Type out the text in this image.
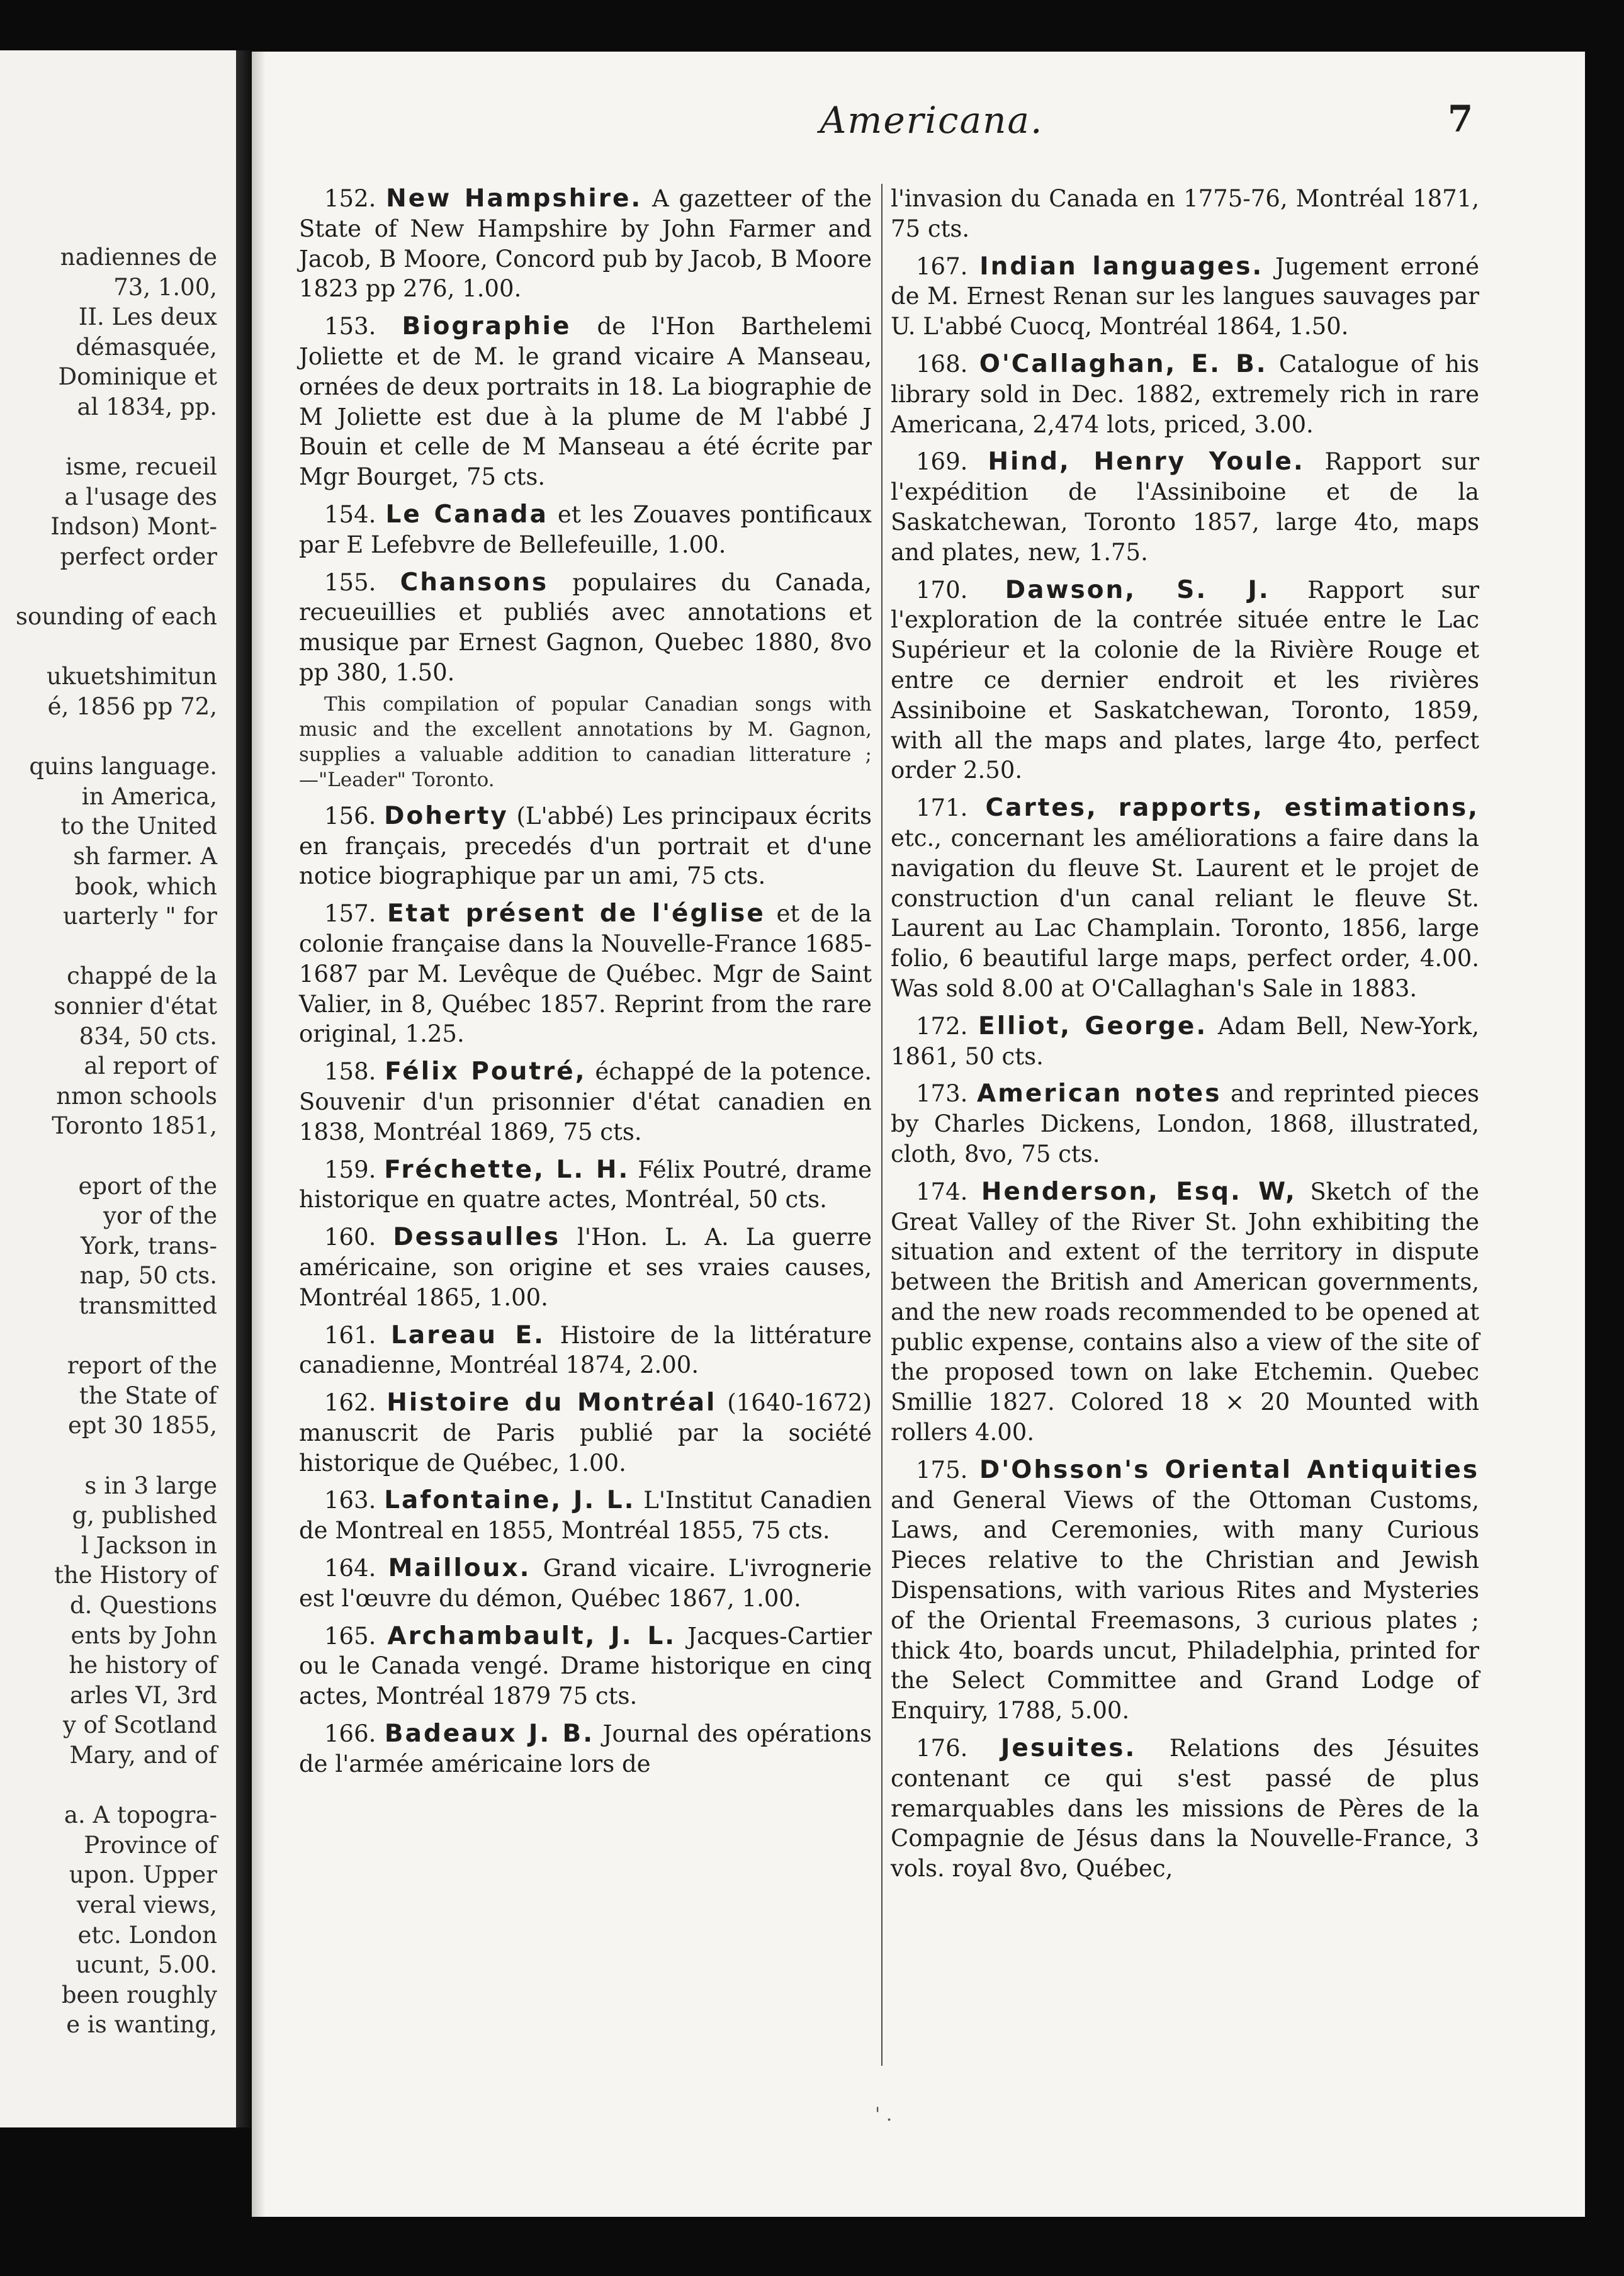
nadiennes de
73, 1.00,
II. Les deux
démasquée,
Dominique et
al 1834, pp.
isme, recueil
a l'usage des
Indson) Mont-
perfect order
sounding of each
ukuetshimitun
é, 1856 pp 72,
quins language.
in America,
to the United
sh farmer. A
book, which
uarterly " for
chappé de la
sonnier d'état
834, 50 cts.
al report of
nmon schools
Toronto 1851,
eport of the
yor of the
York, trans-
nap, 50 cts.
transmitted
report of the
the State of
ept 30 1855,
s in 3 large
g, published
l Jackson in
the History of
d. Questions
ents by John
he history of
arles VI, 3rd
y of Scotland
Mary, and of
a. A topogra-
Province of
upon. Upper
veral views,
etc. London
ucunt, 5.00.
been roughly
e is wanting,
Americana.	7

152. New Hampshire. A gazetteer of the State of New Hampshire by John Farmer and Jacob, B Moore, Concord pub by Jacob, B Moore 1823 pp 276, 1.00.

153. Biographie de l'Hon Barthelemi Joliette et de M. le grand vicaire A Manseau, ornées de deux portraits in 18. La biographie de M Joliette est due à la plume de M l'abbé J Bouin et celle de M Manseau a été écrite par Mgr Bourget, 75 cts.

154. Le Canada et les Zouaves pontificaux par E Lefebvre de Bellefeuille, 1.00.

155. Chansons populaires du Canada, recueuillies et publiés avec annotations et musique par Ernest Gagnon, Quebec 1880, 8vo pp 380, 1.50.

This compilation of popular Canadian songs with music and the excellent annotations by M. Gagnon, supplies a valuable addition to canadian litterature ;—"Leader" Toronto.

156. Doherty (L'abbé) Les principaux écrits en français, precedés d'un portrait et d'une notice biographique par un ami, 75 cts.

157. Etat présent de l'église et de la colonie française dans la Nouvelle-France 1685-1687 par M. Levêque de Québec. Mgr de Saint Valier, in 8, Québec 1857. Reprint from the rare original, 1.25.

158. Félix Poutré, échappé de la potence. Souvenir d'un prisonnier d'état canadien en 1838, Montréal 1869, 75 cts.

159. Fréchette, L. H. Félix Poutré, drame historique en quatre actes, Montréal, 50 cts.

160. Dessaulles l'Hon. L. A. La guerre américaine, son origine et ses vraies causes, Montréal 1865, 1.00.

161. Lareau E. Histoire de la littérature canadienne, Montréal 1874, 2.00.

162. Histoire du Montréal (1640-1672) manuscrit de Paris publié par la société historique de Québec, 1.00.

163. Lafontaine, J. L. L'Institut Canadien de Montreal en 1855, Montréal 1855, 75 cts.

164. Mailloux. Grand vicaire. L'ivrognerie est l'œuvre du démon, Québec 1867, 1.00.

165. Archambault, J. L. Jacques-Cartier ou le Canada vengé. Drame historique en cinq actes, Montréal 1879 75 cts.

166. Badeaux J. B. Journal des opérations de l'armée américaine lors de

l'invasion du Canada en 1775-76, Montréal 1871, 75 cts.

167. Indian languages. Jugement erroné de M. Ernest Renan sur les langues sauvages par U. L'abbé Cuocq, Montréal 1864, 1.50.

168. O'Callaghan, E. B. Catalogue of his library sold in Dec. 1882, extremely rich in rare Americana, 2,474 lots, priced, 3.00.

169. Hind, Henry Youle. Rapport sur l'expédition de l'Assiniboine et de la Saskatchewan, Toronto 1857, large 4to, maps and plates, new, 1.75.

170. Dawson, S. J. Rapport sur l'exploration de la contrée située entre le Lac Supérieur et la colonie de la Rivière Rouge et entre ce dernier endroit et les rivières Assiniboine et Saskatchewan, Toronto, 1859, with all the maps and plates, large 4to, perfect order 2.50.

171. Cartes, rapports, estimations, etc., concernant les améliorations a faire dans la navigation du fleuve St. Laurent et le projet de construction d'un canal reliant le fleuve St. Laurent au Lac Champlain. Toronto, 1856, large folio, 6 beautiful large maps, perfect order, 4.00. Was sold 8.00 at O'Callaghan's Sale in 1883.

172. Elliot, George. Adam Bell, New-York, 1861, 50 cts.

173. American notes and reprinted pieces by Charles Dickens, London, 1868, illustrated, cloth, 8vo, 75 cts.

174. Henderson, Esq. W, Sketch of the Great Valley of the River St. John exhibiting the situation and extent of the territory in dispute between the British and American governments, and the new roads recommended to be opened at public expense, contains also a view of the site of the proposed town on lake Etchemin. Quebec Smillie 1827. Colored 18 × 20 Mounted with rollers 4.00.

175. D'Ohsson's Oriental Antiquities and General Views of the Ottoman Customs, Laws, and Ceremonies, with many Curious Pieces relative to the Christian and Jewish Dispensations, with various Rites and Mysteries of the Oriental Freemasons, 3 curious plates ; thick 4to, boards uncut, Philadelphia, printed for the Select Committee and Grand Lodge of Enquiry, 1788, 5.00.

176. Jesuites. Relations des Jésuites contenant ce qui s'est passé de plus remarquables dans les missions de Pères de la Compagnie de Jésus dans la Nouvelle-France, 3 vols. royal 8vo, Québec,

' .
